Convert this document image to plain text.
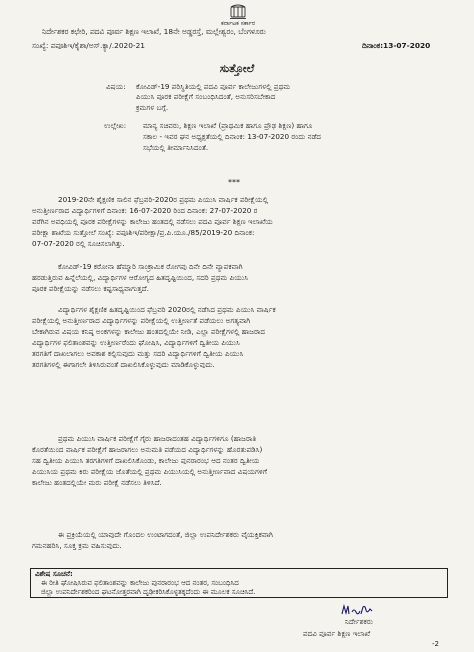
ಕರ್ನಾಟಕ ಸರ್ಕಾರ
ನಿರ್ದೇಶಕರ ಕಛೇರಿ, ಪದವಿ ಪೂರ್ವ ಶಿಕ್ಷಣ ಇಲಾಖೆ, 18ನೇ ಅಡ್ಡರಸ್ತೆ, ಮಲ್ಲೇಶ್ವರಂ, ಬೆಂಗಳೂರು
ಸಂಖ್ಯೆ: ಪಪೂಶಿಇ/ಕೈಶಾ/ಅಸ್.ಕ್ಯಾ/.2020-21	ದಿನಾಂಕ:13-07-2020
ಸುತ್ತೋಲೆ
ವಿಷಯ: ಕೋವಿಡ್-19 ಪರಿಸ್ಥಿತಿಯಲ್ಲಿ ಪದವಿ ಪೂರ್ವ ಕಾಲೇಜುಗಳಲ್ಲಿ ಪ್ರಥಮ
ಪಿಯುಸಿ ಪೂರಕ ಪರೀಕ್ಷೆಗೆ ಸಂಬಂಧಿಸಿದಂತೆ, ಅನುಸರಿಸಬೇಕಾದ
ಕ್ರಮಗಳ ಬಗ್ಗೆ.
ಉಲ್ಲೇಖ: ಮಾನ್ಯ ಸಚಿವರು, ಶಿಕ್ಷಣ ಇಲಾಖೆ (ಪ್ರಾಥಮಿಕ ಹಾಗೂ ಪ್ರೌಢ ಶಿಕ್ಷಣ) ಹಾಗೂ
ಸಕಾಲ - ಇವರ ಘನ ಅಧ್ಯಕ್ಷತೆಯಲ್ಲಿ ದಿನಾಂಕ: 13-07-2020 ರಂದು ನಡೆದ
ಸಭೆಯಲ್ಲಿ ತೀರ್ಮಾನಿಸಿದಂತೆ.
***
2019-20ನೇ ಶೈಕ್ಷಣಿಕ ಸಾಲಿನ ಫೆಬ್ರವರಿ-2020ರ ಪ್ರಥಮ ಪಿಯುಸಿ ವಾರ್ಷಿಕ ಪರೀಕ್ಷೆಯಲ್ಲಿ
ಅನುತ್ತೀರ್ಣರಾದ ವಿದ್ಯಾರ್ಥಿಗಳಿಗೆ ದಿನಾಂಕ: 16-07-2020 ರಿಂದ ದಿನಾಂಕ: 27-07-2020 ರ
ವರೆಗಿನ ಅವಧಿಯಲ್ಲಿ ಪೂರಕ ಪರೀಕ್ಷೆಗಳನ್ನು ಕಾಲೇಜು ಹಂತದಲ್ಲಿ ನಡೆಸಲು ಪದವಿ ಪೂರ್ವ ಶಿಕ್ಷಣ ಇಲಾಖೆಯ
ಪರೀಕ್ಷಾ ಶಾಖೆಯ ಸುತ್ತೋಲೆ ಸಂಖ್ಯೆ: ಪಪೂಶಿಇ/ಪರೀಕ್ಷಾ/ಪ್ರ.ಪಿ.ಯೂ./85/2019-20 ದಿನಾಂಕ:
07-07-2020 ರಲ್ಲಿ ಸೂಚಿಸಲಾಗಿತ್ತು.
ಕೋವಿಡ್-19 ಕರೋನಾ ಹೆಮ್ಮಾರಿ ಸಾಂಕ್ರಾಮಿಕ ರೋಗವು ದಿನೇ ದಿನೇ ವ್ಯಾಪಕವಾಗಿ
ಹರಡುತ್ತಿರುವ ಹಿನ್ನೆಲೆಯಲ್ಲಿ, ವಿದ್ಯಾರ್ಥಿಗಳ ಆರೋಗ್ಯದ ಹಿತದೃಷ್ಟಿಯಿಂದ, ಸದರಿ ಪ್ರಥಮ ಪಿಯುಸಿ
ಪೂರಕ ಪರೀಕ್ಷೆಯನ್ನು ನಡೆಸಲು ಕಷ್ಟಸಾಧ್ಯವಾಗುತ್ತದೆ.
ವಿದ್ಯಾರ್ಥಿಗಳ ಶೈಕ್ಷಣಿಕ ಹಿತದೃಷ್ಟಿಯಿಂದ ಫೆಬ್ರವರಿ 2020ರಲ್ಲಿ ನಡೆಸಿದ ಪ್ರಥಮ ಪಿಯುಸಿ ವಾರ್ಷಿಕ
ಪರೀಕ್ಷೆಯಲ್ಲಿ ಅನುತ್ತೀರ್ಣರಾದ ವಿದ್ಯಾರ್ಥಿಗಳನ್ನು ಪರೀಕ್ಷೆಯಲ್ಲಿ ಉತ್ತೀರ್ಣತೆ ಪಡೆಯಲು ಅಗತ್ಯವಾಗಿ
ಬೇಕಾಗಿರುವ ವಿಷಯ ಕನಿಷ್ಠ ಅಂಕಗಳನ್ನು ಕಾಲೇಜು ಹಂತದಲ್ಲಿಯೇ ನೀಡಿ, ಎಲ್ಲಾ ಪರೀಕ್ಷೆಗಳಲ್ಲಿ ಹಾಜರಾದ
ವಿದ್ಯಾರ್ಥಿಗಳ ಫಲಿತಾಂಶವನ್ನು ಉತ್ತೀರ್ಣರೆಂದು ಘೋಷಿಸಿ, ವಿದ್ಯಾರ್ಥಿಗಳಿಗೆ ದ್ವಿತೀಯ ಪಿಯುಸಿ
ತರಗತಿಗೆ ದಾಖಲಾಗಲು ಅವಕಾಶ ಕಲ್ಪಿಸುವುದು ಮತ್ತು ಸದರಿ ವಿದ್ಯಾರ್ಥಿಗಳಿಗೆ ದ್ವಿತೀಯ ಪಿಯುಸಿ
ತರಗತಿಗಳಲ್ಲಿ ಈಗಾಗಲೇ ತಿಳಿಸಿರುವಂತೆ ದಾಖಲಿಸಿಕೊಳ್ಳುವುದು ಮಾಡಿಕೊಳ್ಳುವುದು.
ಪ್ರಥಮ ಪಿಯುಸಿ ವಾರ್ಷಿಕ ಪರೀಕ್ಷೆಗೆ ಗೈರು ಹಾಜರಾದಂತಹ ವಿದ್ಯಾರ್ಥಿಗಳಿಗೂ (ಹಾಜರಾತಿ
ಕೊರತೆಯಿಂದ ವಾರ್ಷಿಕ ಪರೀಕ್ಷೆಗೆ ಹಾಜರಾಗಲು ಅನುಮತಿ ಪಡೆಯದ ವಿದ್ಯಾರ್ಥಿಗಳನ್ನು ಹೊರತುಪಡಿಸಿ)
ಸಹ ದ್ವಿತೀಯ ಪಿಯುಸಿ ತರಗತಿಗಳಿಗೆ ದಾಖಲಿಸಿಕೊಂಡು, ಕಾಲೇಜು ಪುನರಾರಂಭ ಆದ ನಂತರ ದ್ವಿತೀಯ
ಪಿಯುಸಿಯ ಪ್ರಥಮ ಕಿರು ಪರೀಕ್ಷೆಯ ಜೊತೆಯಲ್ಲಿ ಪ್ರಥಮ ಪಿಯುಸಿಯಲ್ಲಿ ಅನುತ್ತೀರ್ಣವಾದ ವಿಷಯಗಳಿಗೆ
ಕಾಲೇಜು ಹಂತದಲ್ಲಿಯೇ ಮರು ಪರೀಕ್ಷೆ ನಡೆಸಲು ತಿಳಿಸಿದೆ.
ಈ ಪ್ರಕ್ರಿಯೆಯಲ್ಲಿ ಯಾವುದೇ ಗೊಂದಲ ಉಂಟಾಗದಂತೆ, ಜಿಲ್ಲಾ ಉಪನಿರ್ದೇಶಕರು ವೈಯಕ್ತಿಕವಾಗಿ
ಗಮನಹರಿಸಿ, ಸೂಕ್ತ ಕ್ರಮ ವಹಿಸುವುದು.
ವಿಶೇಷ ಸೂಚನೆ:
ಈ ರೀತಿ ಘೋಷಿಸಿರುವ ಫಲಿತಾಂಶವನ್ನು ಕಾಲೇಜು ಪುನರಾರಂಭ ಆದ ನಂತರ, ಸಂಬಂಧಿಸಿದ
ಜಿಲ್ಲಾ ಉಪನಿರ್ದೇಶಕರಿಂದ ಘಟನೋತ್ತರವಾಗಿ ದೃಢೀಕರಿಸಿಕೊಳ್ಳತಕ್ಕದೆಂದು ಈ ಮೂಲಕ ಸೂಚಿಸಿದೆ.
ನಿರ್ದೇಶಕರು
ಪದವಿ ಪೂರ್ವ ಶಿಕ್ಷಣ ಇಲಾಖೆ
-2
